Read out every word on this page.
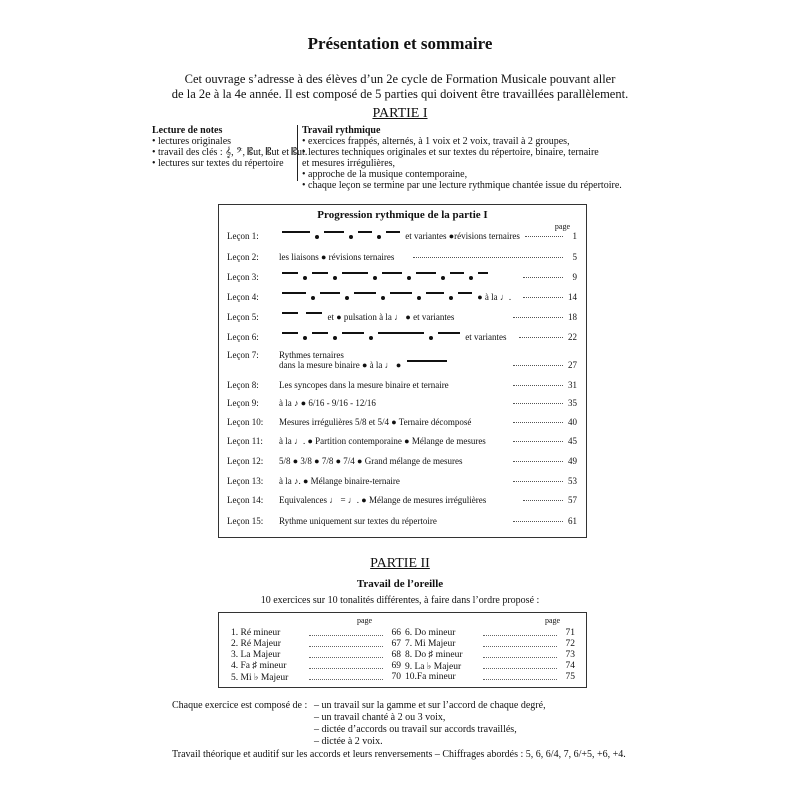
Présentation et sommaire
Cet ouvrage s’adresse à des élèves d’un 2e cycle de Formation Musicale pouvant aller
de la 2e à la 4e année. Il est composé de 5 parties qui doivent être travaillées parallèlement.
PARTIE I
Lecture de notes
• lectures originales
• travail des clés : 𝄞, 𝄢, 𝄡ut, 𝄡ut et 𝄡ut.
• lectures sur textes du répertoire
Travail rythmique
• exercices frappés, alternés, à 1 voix et 2 voix, travail à 2 groupes,
• lectures techniques originales et sur textes du répertoire, binaire, ternaire
et mesures irrégulières,
• approche de la musique contemporaine,
• chaque leçon se termine par une lecture rythmique chantée issue du répertoire.
Progression rythmique de la partie I
page
Leçon 1:	et variantes ●révisions ternaires	1
Leçon 2: les liaisons ● révisions ternaires	5
Leçon 3:	9
Leçon 4:	● à la ♩.	14
Leçon 5:	et ● pulsation à la ♩ ● et variantes	18
Leçon 6:	et variantes	22
Leçon 7: Rythmes ternaires
dans la mesure binaire ● à la ♩ ●	27
Leçon 8: Les syncopes dans la mesure binaire et ternaire	31
Leçon 9: à la ♪ ● 6/16 - 9/16 - 12/16	35
Leçon 10: Mesures irrégulières 5/8 et 5/4 ● Ternaire décomposé	40
Leçon 11: à la ♩. ● Partition contemporaine ● Mélange de mesures	45
Leçon 12: 5/8 ● 3/8 ● 7/8 ● 7/4 ● Grand mélange de mesures	49
Leçon 13: à la ♪. ● Mélange binaire-ternaire	53
Leçon 14: Equivalences ♩ = ♩. ● Mélange de mesures irrégulières	57
Leçon 15: Rythme uniquement sur textes du répertoire	61
PARTIE II
Travail de l’oreille
10 exercices sur 10 tonalités différentes, à faire dans l’ordre proposé :
page	page
1. Ré mineur	66
2. Ré Majeur	67
3. La Majeur	68
4. Fa ♯ mineur	69
5. Mi ♭ Majeur	70
6. Do mineur	71
7. Mi Majeur	72
8. Do ♯ mineur	73
9. La ♭ Majeur	74
10.Fa mineur	75
Chaque exercice est composé de : – un travail sur la gamme et sur l’accord de chaque degré,
– un travail chanté à 2 ou 3 voix,
– dictée d’accords ou travail sur accords travaillés,
– dictée à 2 voix.
Travail théorique et auditif sur les accords et leurs renversements – Chiffrages abordés : 5, 6, 6/4, 7, 6/+5, +6, +4.
